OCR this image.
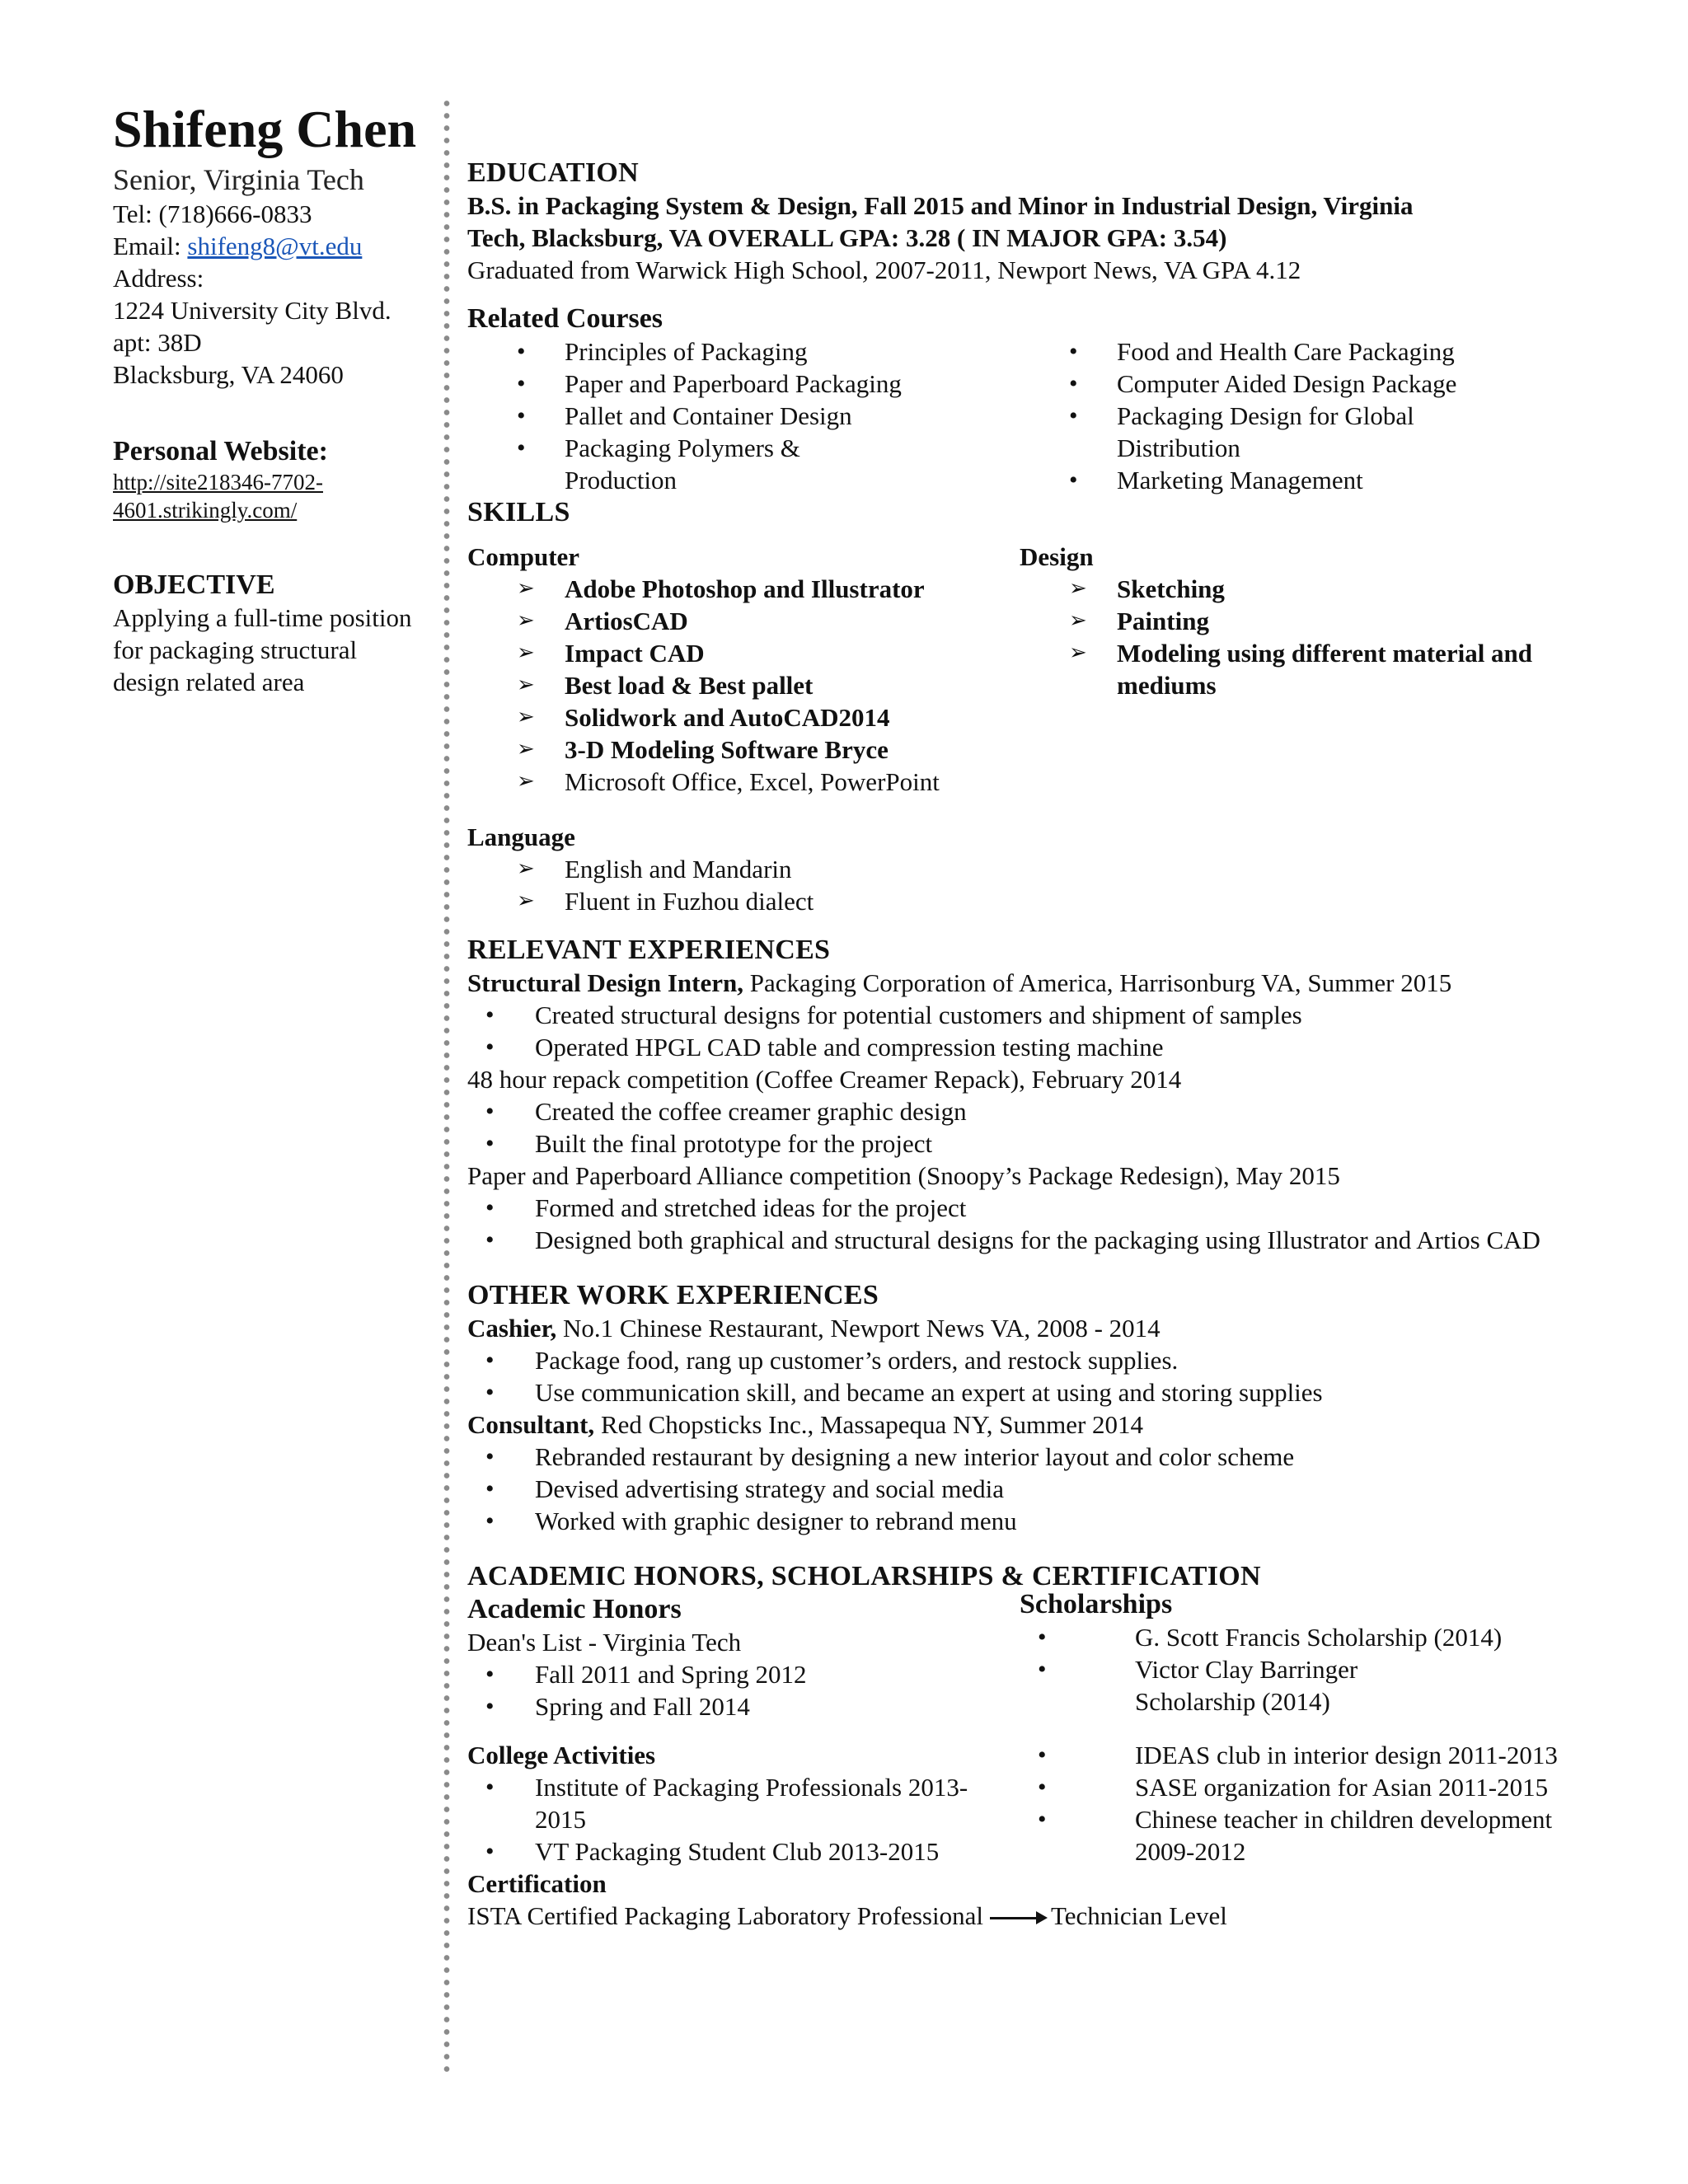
Shifeng Chen

Senior, Virginia Tech

Tel: (718)666-0833

Email: shifeng8@vt.edu

Address:

1224 University City Blvd.

apt: 38D

Blacksburg, VA 24060

Personal Website:

http://site218346-7702-
4601.strikingly.com/

OBJECTIVE

Applying a full-time position

for packaging structural

design related area

EDUCATION

B.S. in Packaging System & Design, Fall 2015 and Minor in Industrial Design, Virginia

Tech, Blacksburg, VA OVERALL GPA: 3.28 ( IN MAJOR GPA: 3.54)

Graduated from Warwick High School, 2007-2011, Newport News, VA GPA 4.12

Related Courses

• Principles of Packaging
• Paper and Paperboard Packaging
• Pallet and Container Design
• Packaging Polymers & Production
• Food and Health Care Packaging
• Computer Aided Design Package
• Packaging Design for Global Distribution
• Marketing Management

SKILLS

Computer

➢ Adobe Photoshop and Illustrator
➢ ArtiosCAD
➢ Impact CAD
➢ Best load & Best pallet
➢ Solidwork and AutoCAD2014
➢ 3-D Modeling Software Bryce
➢ Microsoft Office, Excel, PowerPoint

Design

➢ Sketching
➢ Painting
➢ Modeling using different material and mediums

Language

➢ English and Mandarin
➢ Fluent in Fuzhou dialect

RELEVANT EXPERIENCES

Structural Design Intern, Packaging Corporation of America, Harrisonburg VA, Summer 2015

• Created structural designs for potential customers and shipment of samples
• Operated HPGL CAD table and compression testing machine

48 hour repack competition (Coffee Creamer Repack), February 2014

• Created the coffee creamer graphic design
• Built the final prototype for the project

Paper and Paperboard Alliance competition (Snoopy’s Package Redesign), May 2015

• Formed and stretched ideas for the project
• Designed both graphical and structural designs for the packaging using Illustrator and Artios CAD

OTHER WORK EXPERIENCES

Cashier, No.1 Chinese Restaurant, Newport News VA, 2008 - 2014

• Package food, rang up customer’s orders, and restock supplies.
• Use communication skill, and became an expert at using and storing supplies

Consultant, Red Chopsticks Inc., Massapequa NY, Summer 2014

• Rebranded restaurant by designing a new interior layout and color scheme
• Devised advertising strategy and social media
• Worked with graphic designer to rebrand menu

ACADEMIC HONORS, SCHOLARSHIPS & CERTIFICATION

Academic Honors

Dean's List - Virginia Tech

• Fall 2011 and Spring 2012
• Spring and Fall 2014

Scholarships

• G. Scott Francis Scholarship (2014)
• Victor Clay Barringer Scholarship (2014)

College Activities

• Institute of Packaging Professionals 2013-2015
• VT Packaging Student Club 2013-2015

Certification

• IDEAS club in interior design 2011-2013
• SASE organization for Asian 2011-2015
• Chinese teacher in children development 2009-2012

ISTA Certified Packaging Laboratory Professional	Technician Level
